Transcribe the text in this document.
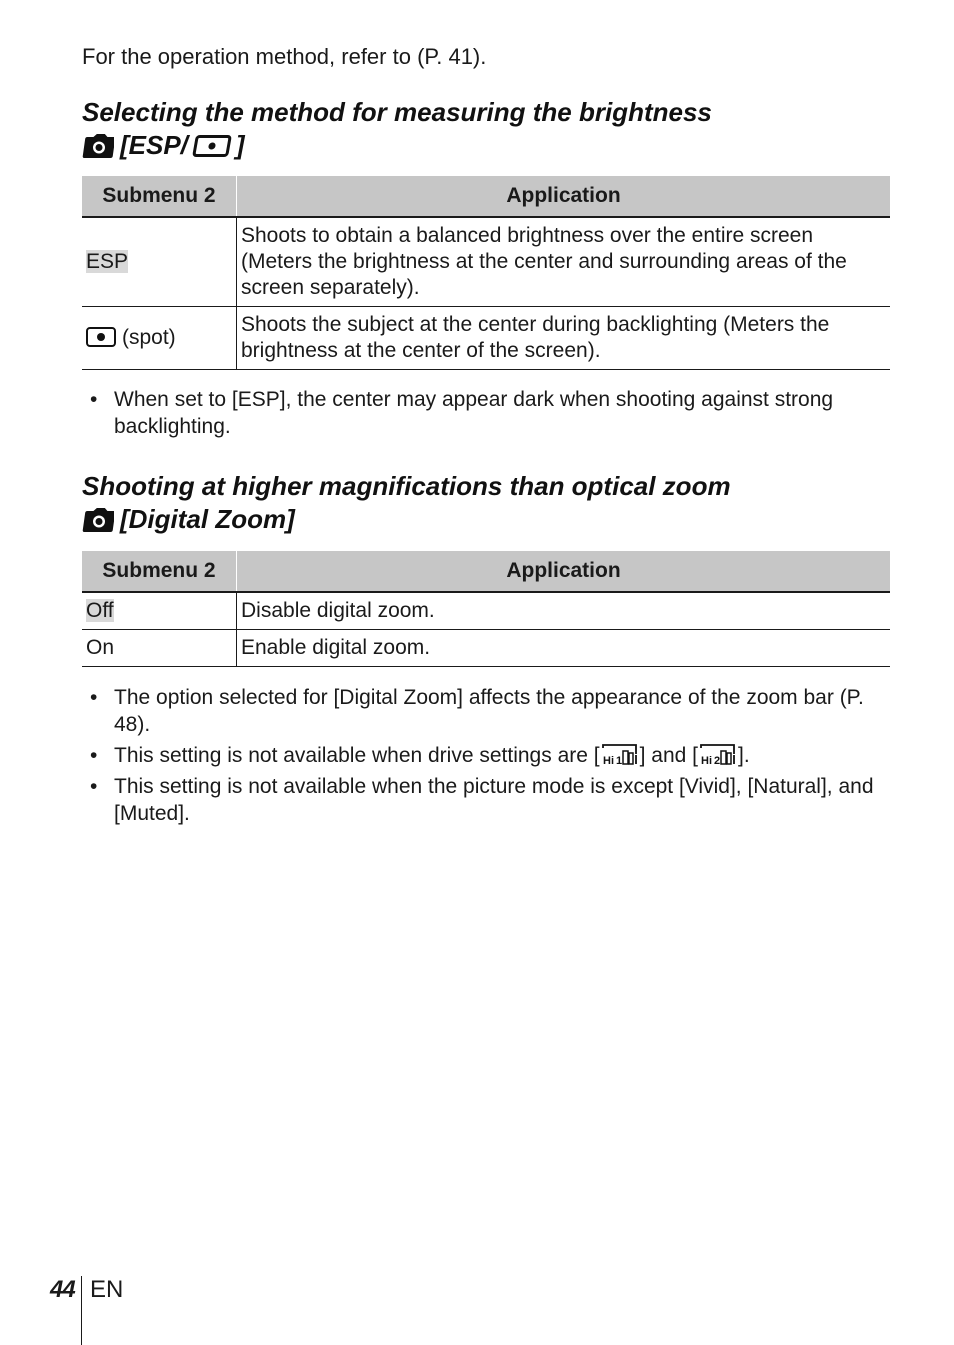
For the operation method, refer to (P. 41).

Selecting the method for measuring the brightness
[ESP/ ]
Submenu 2	Application
ESP	Shoots to obtain a balanced brightness over the entire screen (Meters the brightness at the center and surrounding areas of the screen separately).
(spot)	Shoots the subject at the center during backlighting (Meters the brightness at the center of the screen).
• When set to [ESP], the center may appear dark when shooting against strong backlighting.
Shooting at higher magnifications than optical zoom
[Digital Zoom]
Submenu 2	Application
Off	Disable digital zoom.
On	Enable digital zoom.
• The option selected for [Digital Zoom] affects the appearance of the zoom bar (P. 48).
• This setting is not available when drive settings are [ Hi 1 ] and [ Hi 2 ].
• This setting is not available when the picture mode is except [Vivid], [Natural], and [Muted].
44 EN
